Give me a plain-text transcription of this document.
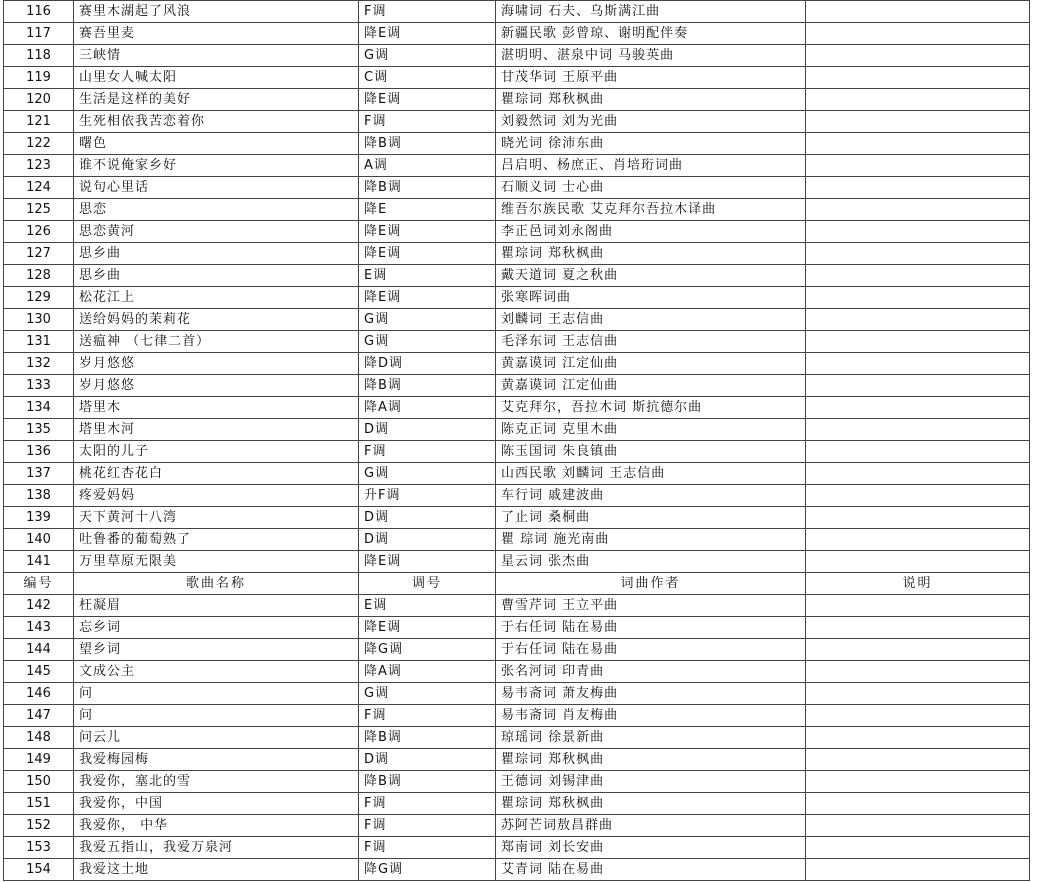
116	赛里木湖起了风浪	F调	海啸词 石夫、乌斯满江曲	
117	赛吾里麦	降E调	新疆民歌 彭曾琼、谢明配伴奏	
118	三峡情	G调	湛明明、湛泉中词 马骏英曲	
119	山里女人喊太阳	C调	甘茂华词 王原平曲	
120	生活是这样的美好	降E调	瞿琮词 郑秋枫曲	
121	生死相依我苦恋着你	F调	刘毅然词 刘为光曲	
122	曙色	降B调	晓光词 徐沛东曲	
123	谁不说俺家乡好	A调	吕启明、杨庶正、肖培珩词曲	
124	说句心里话	降B调	石顺义词 士心曲	
125	思恋	降E	维吾尔族民歌 艾克拜尔吾拉木译曲	
126	思恋黄河	降E调	李正邑词刘永阁曲	
127	思乡曲	降E调	瞿琮词 郑秋枫曲	
128	思乡曲	E调	戴天道词 夏之秋曲	
129	松花江上	降E调	张寒晖词曲	
130	送给妈妈的茉莉花	G调	刘麟词 王志信曲	
131	送瘟神 （七律二首）	G调	毛泽东词 王志信曲	
132	岁月悠悠	降D调	黄嘉谟词 江定仙曲	
133	岁月悠悠	降B调	黄嘉谟词 江定仙曲	
134	塔里木	降A调	艾克拜尔，吾拉木词 斯抗德尔曲	
135	塔里木河	D调	陈克正词 克里木曲	
136	太阳的儿子	F调	陈玉国词 朱良镇曲	
137	桃花红杏花白	G调	山西民歌 刘麟词 王志信曲	
138	疼爱妈妈	升F调	车行词 戚建波曲	
139	天下黄河十八湾	D调	了止词 桑桐曲	
140	吐鲁番的葡萄熟了	D调	瞿 琮词 施光南曲	
141	万里草原无限美	降E调	星云词 张杰曲	
编号	歌曲名称	调号	词曲作者	说明
142	枉凝眉	E调	曹雪芹词 王立平曲	
143	忘乡词	降E调	于右任词 陆在易曲	
144	望乡词	降G调	于右任词 陆在易曲	
145	文成公主	降A调	张名河词 印青曲	
146	问	G调	易韦斋词 萧友梅曲	
147	问	F调	易韦斋词 肖友梅曲	
148	问云儿	降B调	琼瑶词 徐景新曲	
149	我爱梅园梅	D调	瞿琮词 郑秋枫曲	
150	我爱你，塞北的雪	降B调	王德词 刘锡津曲	
151	我爱你，中国	F调	瞿琮词 郑秋枫曲	
152	我爱你， 中华	F调	苏阿芒词敖昌群曲	
153	我爱五指山，我爱万泉河	F调	郑南词 刘长安曲	
154	我爱这土地	降G调	艾青词 陆在易曲	
